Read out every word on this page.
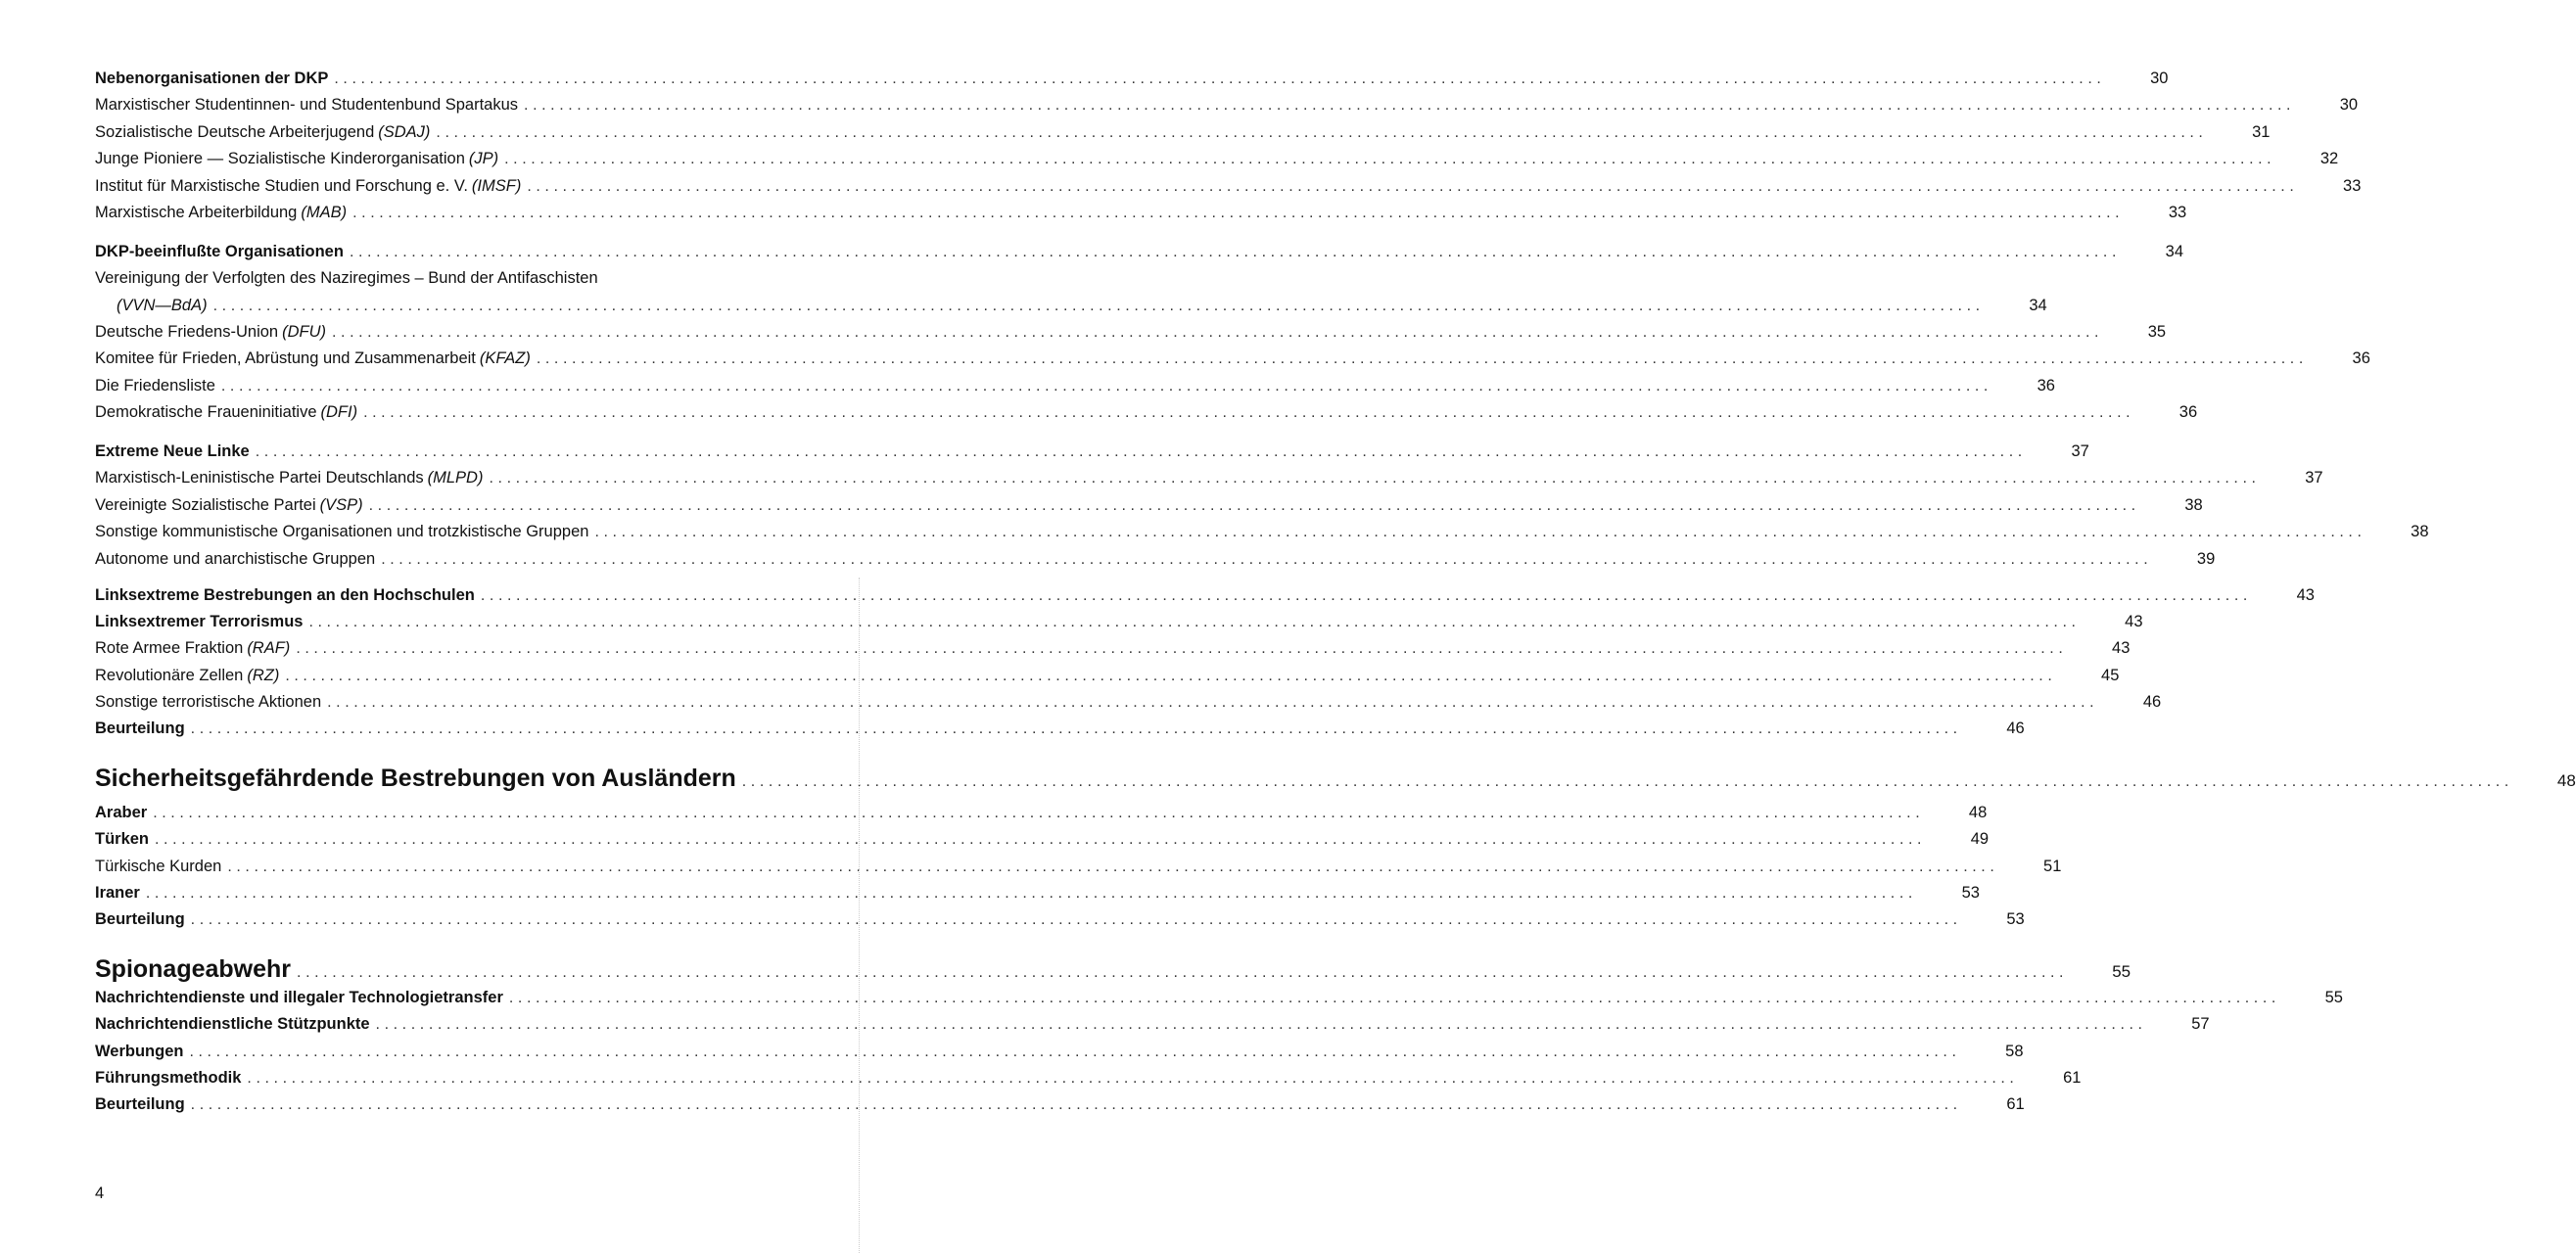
Nebenorganisationen der DKP ........................................................................................................................................................................................................	30
Marxistischer Studentinnen- und Studentenbund Spartakus ........................................................................................................................................................................................................	30
Sozialistische Deutsche Arbeiterjugend (SDAJ) ........................................................................................................................................................................................................	31
Junge Pioniere — Sozialistische Kinderorganisation (JP) ........................................................................................................................................................................................................	32
Institut für Marxistische Studien und Forschung e. V. (IMSF) ........................................................................................................................................................................................................	33
Marxistische Arbeiterbildung (MAB) ........................................................................................................................................................................................................	33
DKP-beeinflußte Organisationen ........................................................................................................................................................................................................	34
Vereinigung der Verfolgten des Naziregimes – Bund der Antifaschisten
(VVN—BdA) ........................................................................................................................................................................................................	34
Deutsche Friedens-Union (DFU) ........................................................................................................................................................................................................	35
Komitee für Frieden, Abrüstung und Zusammenarbeit (KFAZ) ........................................................................................................................................................................................................	36
Die Friedensliste ........................................................................................................................................................................................................	36
Demokratische Fraueninitiative (DFI) ........................................................................................................................................................................................................	36
Extreme Neue Linke ........................................................................................................................................................................................................	37
Marxistisch-Leninistische Partei Deutschlands (MLPD) ........................................................................................................................................................................................................	37
Vereinigte Sozialistische Partei (VSP) ........................................................................................................................................................................................................	38
Sonstige kommunistische Organisationen und trotzkistische Gruppen ........................................................................................................................................................................................................	38
Autonome und anarchistische Gruppen ........................................................................................................................................................................................................	39
Linksextreme Bestrebungen an den Hochschulen ........................................................................................................................................................................................................	43
Linksextremer Terrorismus ........................................................................................................................................................................................................	43
Rote Armee Fraktion (RAF) ........................................................................................................................................................................................................	43
Revolutionäre Zellen (RZ) ........................................................................................................................................................................................................	45
Sonstige terroristische Aktionen ........................................................................................................................................................................................................	46
Beurteilung ........................................................................................................................................................................................................	46
Sicherheitsgefährdende Bestrebungen von Ausländern ........................................................................................................................................................................................................	48
Araber ........................................................................................................................................................................................................	48
Türken ........................................................................................................................................................................................................	49
Türkische Kurden ........................................................................................................................................................................................................	51
Iraner ........................................................................................................................................................................................................	53
Beurteilung ........................................................................................................................................................................................................	53
Spionageabwehr ........................................................................................................................................................................................................	55
Nachrichtendienste und illegaler Technologietransfer ........................................................................................................................................................................................................	55
Nachrichtendienstliche Stützpunkte ........................................................................................................................................................................................................	57
Werbungen ........................................................................................................................................................................................................	58
Führungsmethodik ........................................................................................................................................................................................................	61
Beurteilung ........................................................................................................................................................................................................	61
4
